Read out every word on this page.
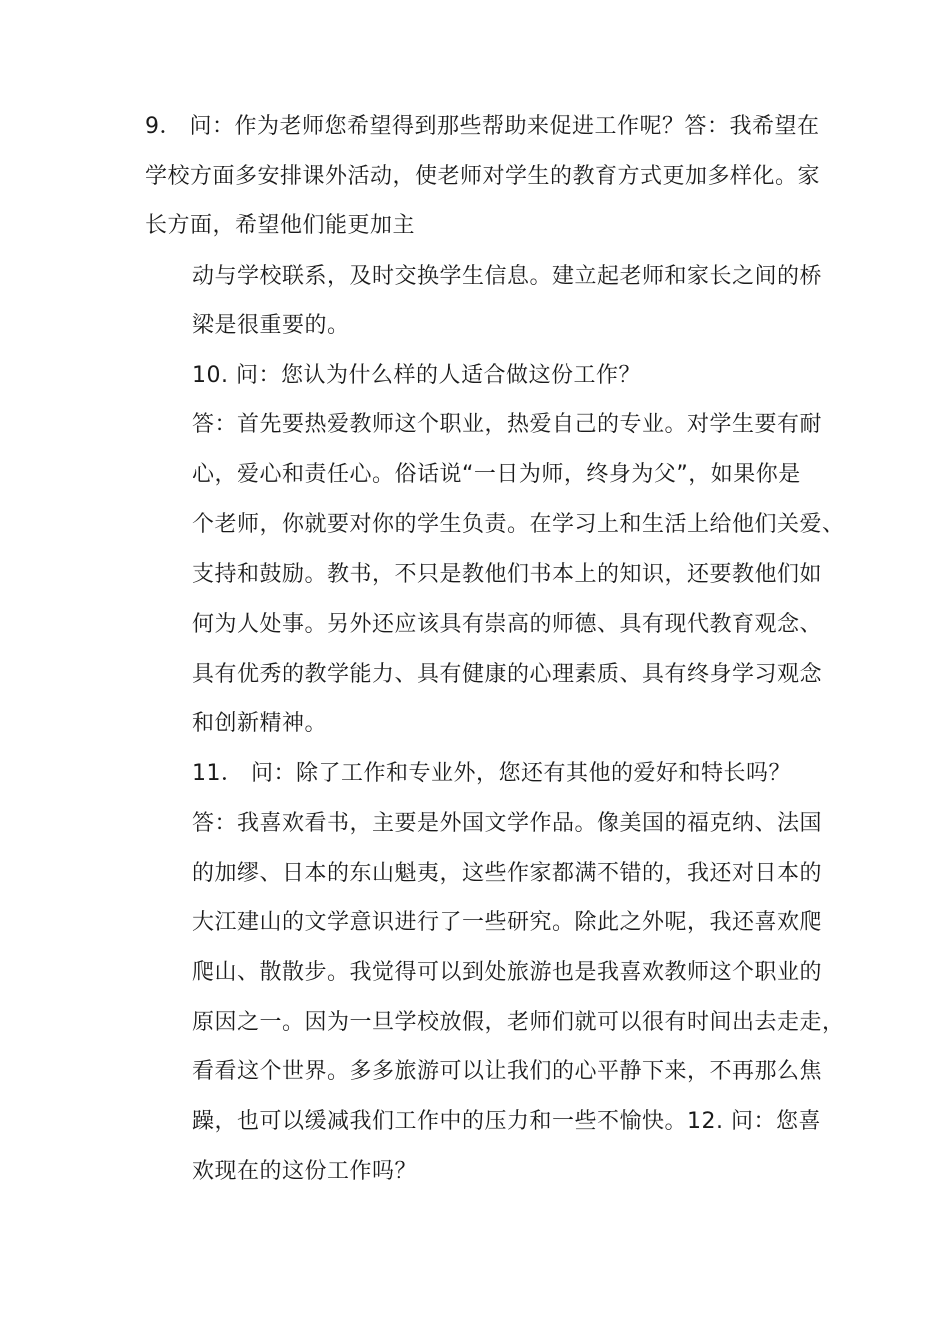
9． 问：作为老师您希望得到那些帮助来促进工作呢？答：我希望在
学校方面多安排课外活动，使老师对学生的教育方式更加多样化。家
长方面，希望他们能更加主
动与学校联系，及时交换学生信息。建立起老师和家长之间的桥
梁是很重要的。
10. 问：您认为什么样的人适合做这份工作？
答：首先要热爱教师这个职业，热爱自己的专业。对学生要有耐
心，爱心和责任心。俗话说“一日为师，终身为父”，如果你是
个老师，你就要对你的学生负责。在学习上和生活上给他们关爱、
支持和鼓励。教书，不只是教他们书本上的知识，还要教他们如
何为人处事。另外还应该具有崇高的师德、具有现代教育观念、
具有优秀的教学能力、具有健康的心理素质、具有终身学习观念
和创新精神。
11． 问：除了工作和专业外，您还有其他的爱好和特长吗？
答：我喜欢看书，主要是外国文学作品。像美国的福克纳、法国
的加缪、日本的东山魁夷，这些作家都满不错的，我还对日本的
大江建山的文学意识进行了一些研究。除此之外呢，我还喜欢爬
爬山、散散步。我觉得可以到处旅游也是我喜欢教师这个职业的
原因之一。因为一旦学校放假，老师们就可以很有时间出去走走，
看看这个世界。多多旅游可以让我们的心平静下来，不再那么焦
躁，也可以缓减我们工作中的压力和一些不愉快。12. 问：您喜
欢现在的这份工作吗？
